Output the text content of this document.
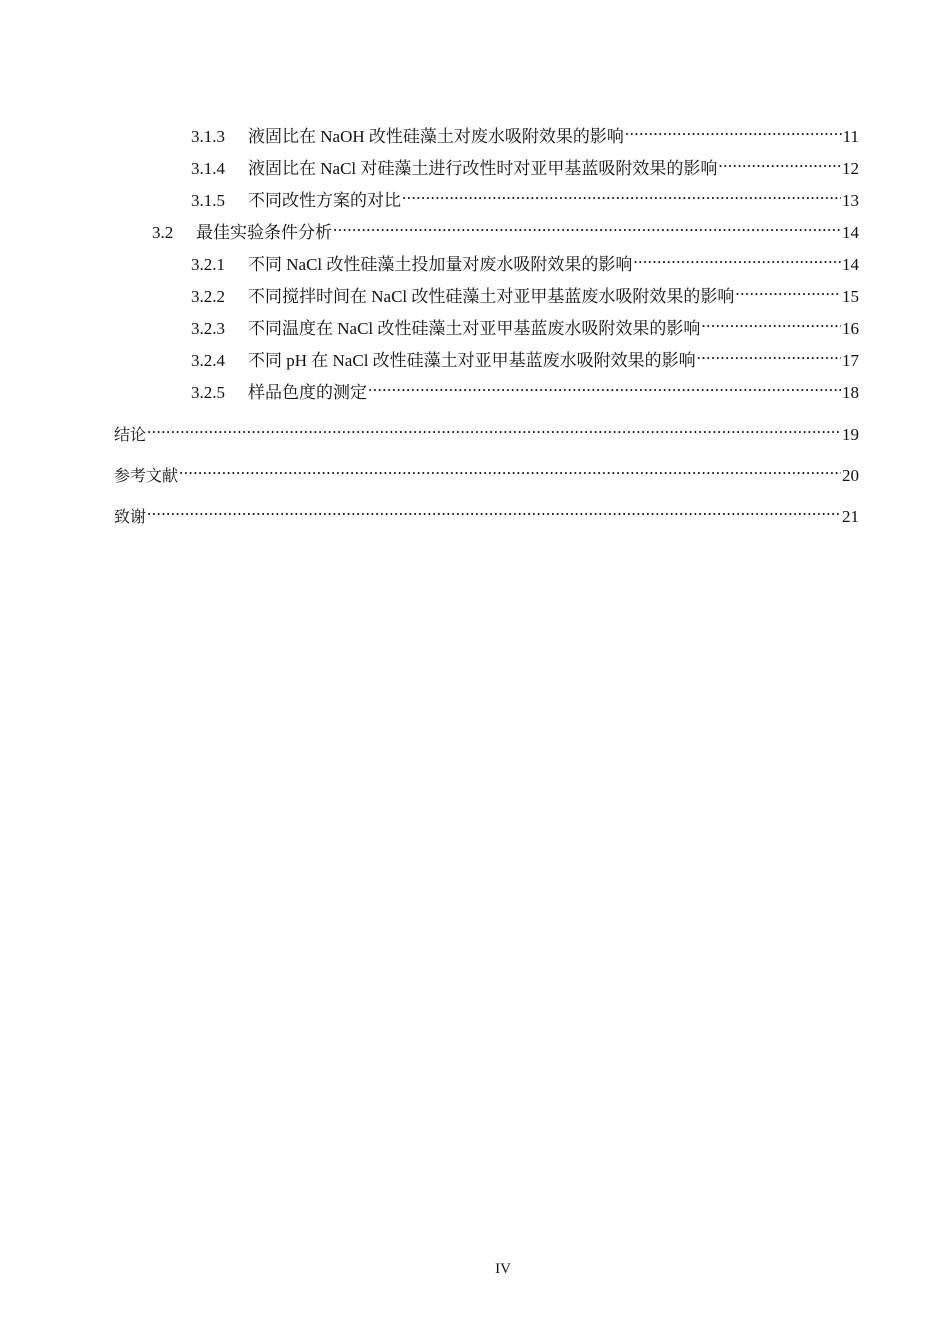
3.1.3	液固比在 NaOH 改性硅藻土对废水吸附效果的影响 .....	11
3.1.4	液固比在 NaCl 对硅藻土进行改性时对亚甲基蓝吸附效果的影响 .....	12
3.1.5	不同改性方案的对比 .....	13
3.2	最佳实验条件分析 .....	14
3.2.1	不同 NaCl 改性硅藻土投加量对废水吸附效果的影响 .....	14
3.2.2	不同搅拌时间在 NaCl 改性硅藻土对亚甲基蓝废水吸附效果的影响 .....	15
3.2.3	不同温度在 NaCl 改性硅藻土对亚甲基蓝废水吸附效果的影响 .....	16
3.2.4	不同 pH 在 NaCl 改性硅藻土对亚甲基蓝废水吸附效果的影响 .....	17
3.2.5	样品色度的测定 .....	18
结论 .....	19
参考文献 .....	20
致谢 .....	21
IV
